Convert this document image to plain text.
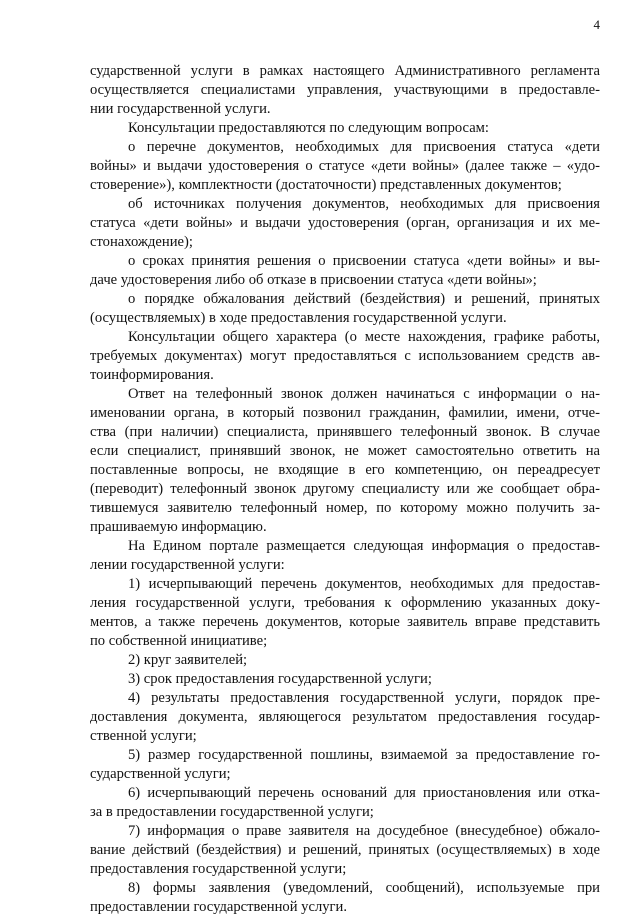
4
сударственной услуги в рамках настоящего Административного регламента
осуществляется специалистами управления, участвующими в предоставле-
нии государственной услуги.
Консультации предоставляются по следующим вопросам:
о перечне документов, необходимых для присвоения статуса «дети
войны» и выдачи удостоверения о статусе «дети войны» (далее также – «удо-
стоверение»), комплектности (достаточности) представленных документов;
об источниках получения документов, необходимых для присвоения
статуса «дети войны» и выдачи удостоверения (орган, организация и их ме-
стонахождение);
о сроках принятия решения о присвоении статуса «дети войны» и вы-
даче удостоверения либо об отказе в присвоении статуса «дети войны»;
о порядке обжалования действий (бездействия) и решений, принятых
(осуществляемых) в ходе предоставления государственной услуги.
Консультации общего характера (о месте нахождения, графике работы,
требуемых документах) могут предоставляться с использованием средств ав-
тоинформирования.
Ответ на телефонный звонок должен начинаться с информации о на-
именовании органа, в который позвонил гражданин, фамилии, имени, отче-
ства (при наличии) специалиста, принявшего телефонный звонок. В случае
если специалист, принявший звонок, не может самостоятельно ответить на
поставленные вопросы, не входящие в его компетенцию, он переадресует
(переводит) телефонный звонок другому специалисту или же сообщает обра-
тившемуся заявителю телефонный номер, по которому можно получить за-
прашиваемую информацию.
На Едином портале размещается следующая информация о предостав-
лении государственной услуги:
1) исчерпывающий перечень документов, необходимых для предостав-
ления государственной услуги, требования к оформлению указанных доку-
ментов, а также перечень документов, которые заявитель вправе представить
по собственной инициативе;
2) круг заявителей;
3) срок предоставления государственной услуги;
4) результаты предоставления государственной услуги, порядок пре-
доставления документа, являющегося результатом предоставления государ-
ственной услуги;
5) размер государственной пошлины, взимаемой за предоставление го-
сударственной услуги;
6) исчерпывающий перечень оснований для приостановления или отка-
за в предоставлении государственной услуги;
7) информация о праве заявителя на досудебное (внесудебное) обжало-
вание действий (бездействия) и решений, принятых (осуществляемых) в ходе
предоставления государственной услуги;
8) формы заявления (уведомлений, сообщений), используемые при
предоставлении государственной услуги.
